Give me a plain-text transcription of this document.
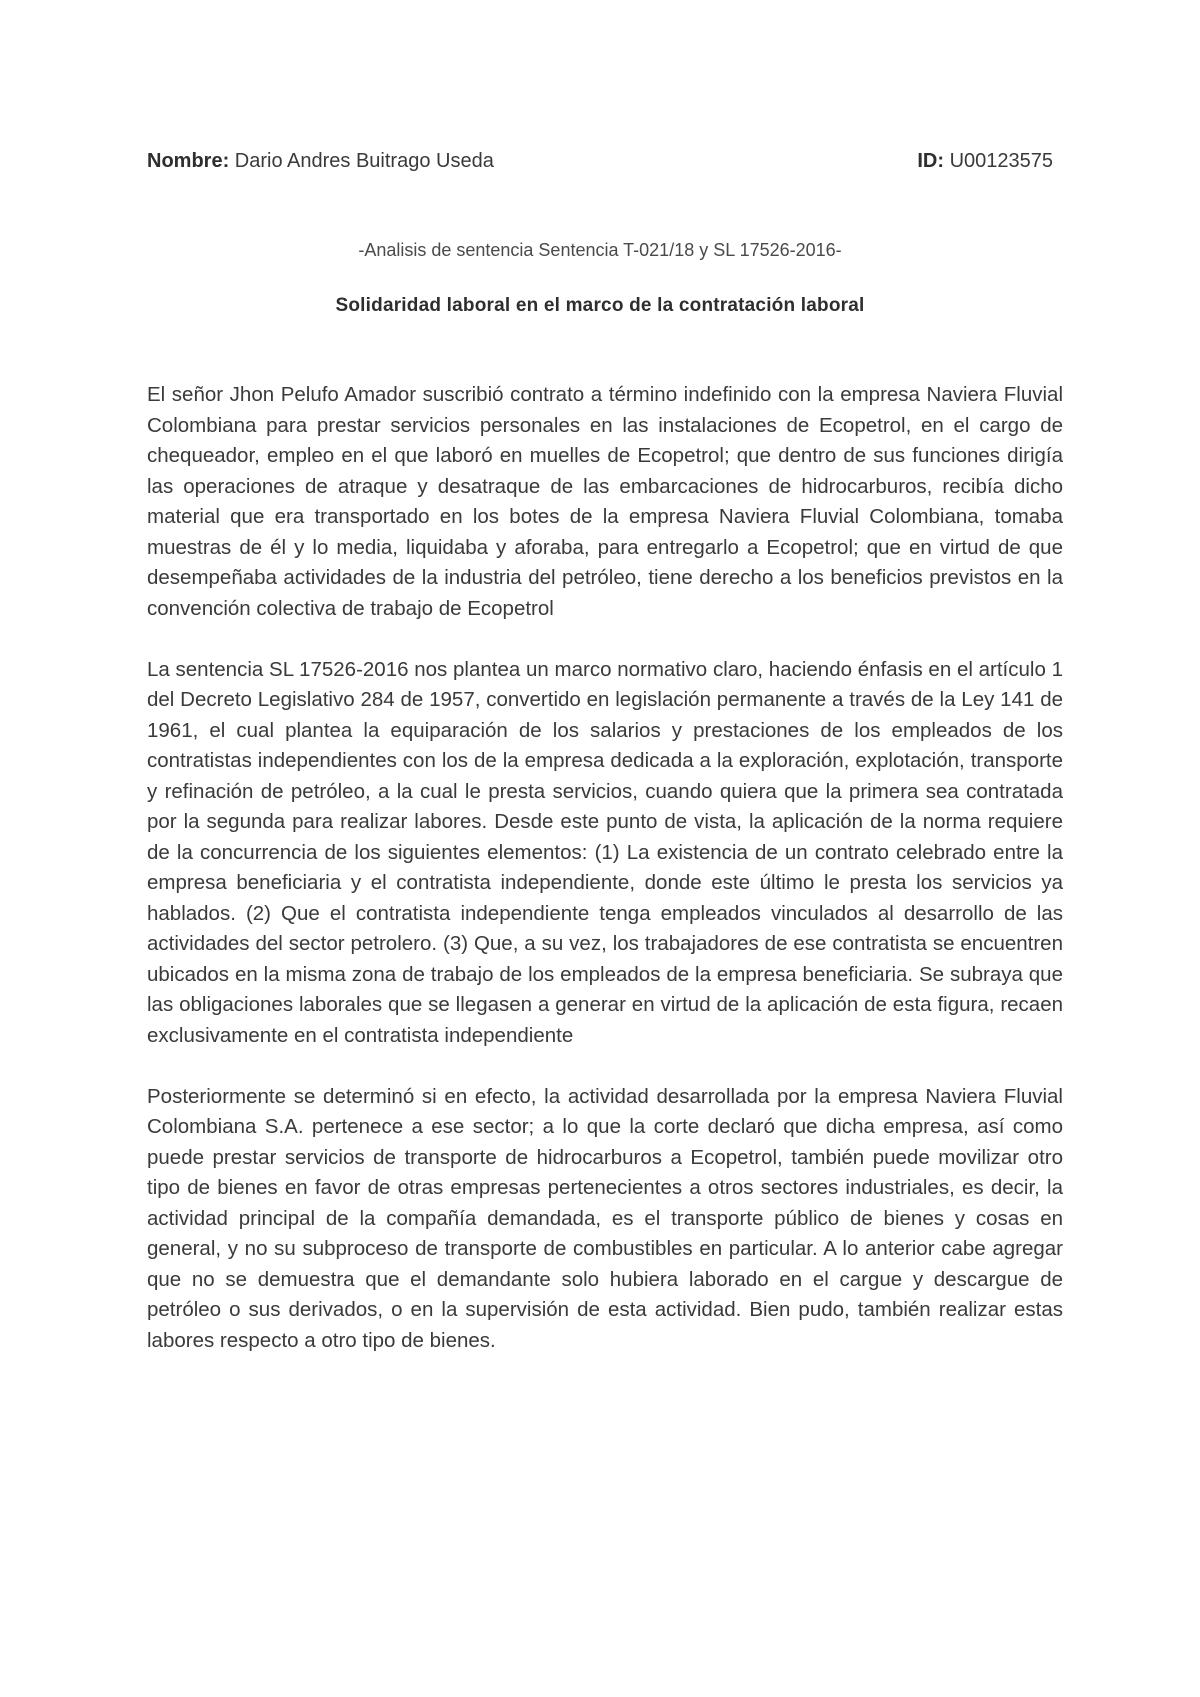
Nombre: Dario Andres Buitrago Useda	ID: U00123575
-Analisis de sentencia Sentencia T-021/18 y SL 17526-2016-
Solidaridad laboral en el marco de la contratación laboral

El señor Jhon Pelufo Amador suscribió contrato a término indefinido con la empresa Naviera Fluvial Colombiana para prestar servicios personales en las instalaciones de Ecopetrol, en el cargo de chequeador, empleo en el que laboró en muelles de Ecopetrol; que dentro de sus funciones dirigía las operaciones de atraque y desatraque de las embarcaciones de hidrocarburos, recibía dicho material que era transportado en los botes de la empresa Naviera Fluvial Colombiana, tomaba muestras de él y lo media, liquidaba y aforaba, para entregarlo a Ecopetrol; que en virtud de que desempeñaba actividades de la industria del petróleo, tiene derecho a los beneficios previstos en la convención colectiva de trabajo de Ecopetrol

La sentencia SL 17526-2016 nos plantea un marco normativo claro, haciendo énfasis en el artículo 1 del Decreto Legislativo 284 de 1957, convertido en legislación permanente a través de la Ley 141 de 1961, el cual plantea la equiparación de los salarios y prestaciones de los empleados de los contratistas independientes con los de la empresa dedicada a la exploración, explotación, transporte y refinación de petróleo, a la cual le presta servicios, cuando quiera que la primera sea contratada por la segunda para realizar labores. Desde este punto de vista, la aplicación de la norma requiere de la concurrencia de los siguientes elementos: (1) La existencia de un contrato celebrado entre la empresa beneficiaria y el contratista independiente, donde este último le presta los servicios ya hablados. (2) Que el contratista independiente tenga empleados vinculados al desarrollo de las actividades del sector petrolero. (3) Que, a su vez, los trabajadores de ese contratista se encuentren ubicados en la misma zona de trabajo de los empleados de la empresa beneficiaria. Se subraya que las obligaciones laborales que se llegasen a generar en virtud de la aplicación de esta figura, recaen exclusivamente en el contratista independiente

Posteriormente se determinó si en efecto, la actividad desarrollada por la empresa Naviera Fluvial Colombiana S.A. pertenece a ese sector; a lo que la corte declaró que dicha empresa, así como puede prestar servicios de transporte de hidrocarburos a Ecopetrol, también puede movilizar otro tipo de bienes en favor de otras empresas pertenecientes a otros sectores industriales, es decir, la actividad principal de la compañía demandada, es el transporte público de bienes y cosas en general, y no su subproceso de transporte de combustibles en particular. A lo anterior cabe agregar que no se demuestra que el demandante solo hubiera laborado en el cargue y descargue de petróleo o sus derivados, o en la supervisión de esta actividad. Bien pudo, también realizar estas labores respecto a otro tipo de bienes.
